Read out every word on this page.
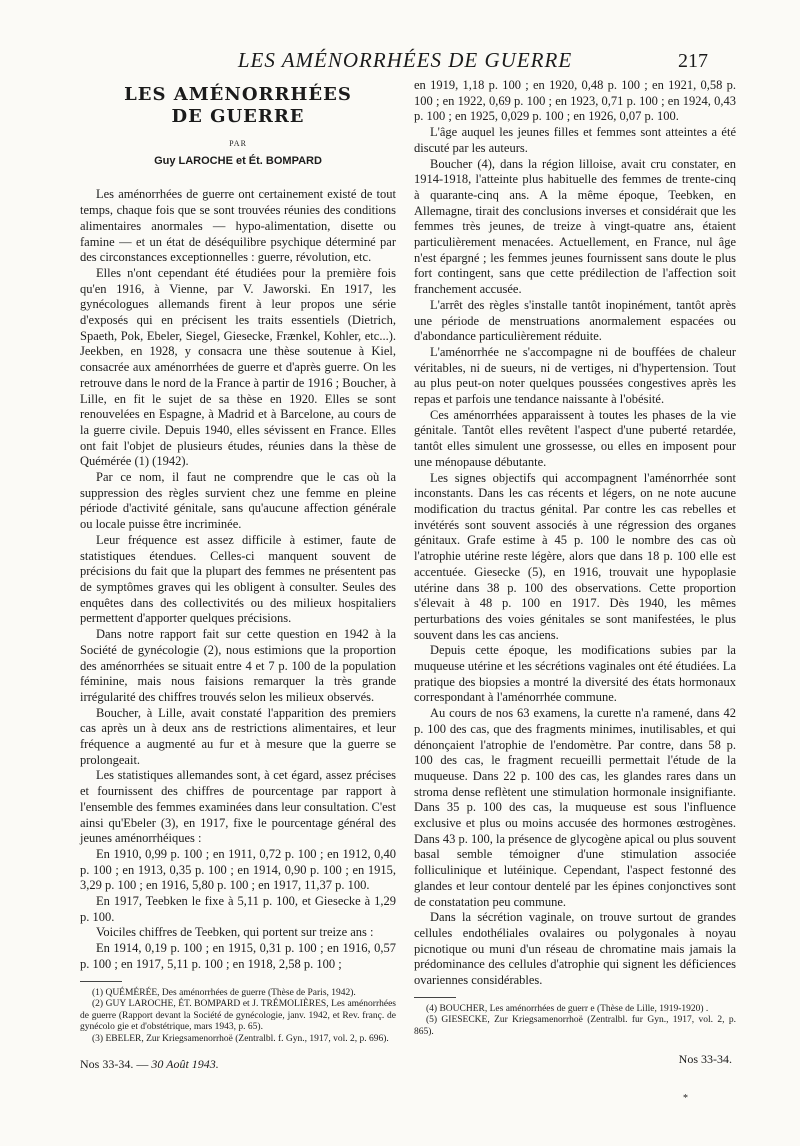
LES AMÉNORRHÉES DE GUERRE	217
LES AMÉNORRHÉES
DE GUERRE
PAR
Guy LAROCHE et Ét. BOMPARD

Les aménorrhées de guerre ont certainement existé de tout temps, chaque fois que se sont trouvées réunies des conditions alimentaires anormales — hypo-alimentation, disette ou famine — et un état de déséquilibre psychique déterminé par des circonstances exceptionnelles : guerre, révolution, etc.

Elles n'ont cependant été étudiées pour la première fois qu'en 1916, à Vienne, par V. Jaworski. En 1917, les gynécologues allemands firent à leur propos une série d'exposés qui en précisent les traits essentiels (Dietrich, Spaeth, Pok, Ebeler, Siegel, Giesecke, Frænkel, Kohler, etc...). Jeekben, en 1928, y consacra une thèse soutenue à Kiel, consacrée aux aménorrhées de guerre et d'après guerre. On les retrouve dans le nord de la France à partir de 1916 ; Boucher, à Lille, en fit le sujet de sa thèse en 1920. Elles se sont renouvelées en Espagne, à Madrid et à Barcelone, au cours de la guerre civile. Depuis 1940, elles sévissent en France. Elles ont fait l'objet de plusieurs études, réunies dans la thèse de Quéméréе (1) (1942).

Par ce nom, il faut ne comprendre que le cas où la suppression des règles survient chez une femme en pleine période d'activité génitale, sans qu'aucune affection générale ou locale puisse être incriminée.

Leur fréquence est assez difficile à estimer, faute de statistiques étendues. Celles-ci manquent souvent de précisions du fait que la plupart des femmes ne présentent pas de symptômes graves qui les obligent à consulter. Seules des enquêtes dans des collectivités ou des milieux hospitaliers permettent d'apporter quelques précisions.

Dans notre rapport fait sur cette question en 1942 à la Société de gynécologie (2), nous estimions que la proportion des aménorrhées se situait entre 4 et 7 p. 100 de la population féminine, mais nous faisions remarquer la très grande irrégularité des chiffres trouvés selon les milieux observés.

Boucher, à Lille, avait constaté l'apparition des premiers cas après un à deux ans de restrictions alimentaires, et leur fréquence a augmenté au fur et à mesure que la guerre se prolongeait.

Les statistiques allemandes sont, à cet égard, assez précises et fournissent des chiffres de pourcentage par rapport à l'ensemble des femmes examinées dans leur consultation. C'est ainsi qu'Ebeler (3), en 1917, fixe le pourcentage général des jeunes aménorrhéiques :

En 1910, 0,99 p. 100 ; en 1911, 0,72 p. 100 ; en 1912, 0,40 p. 100 ; en 1913, 0,35 p. 100 ; en 1914, 0,90 p. 100 ; en 1915, 3,29 p. 100 ; en 1916, 5,80 p. 100 ; en 1917, 11,37 p. 100.

En 1917, Teebken le fixe à 5,11 p. 100, et Giesecke à 1,29 p. 100.

Voiciles chiffres de Teebken, qui portent sur treize ans :

En 1914, 0,19 p. 100 ; en 1915, 0,31 p. 100 ; en 1916, 0,57 p. 100 ; en 1917, 5,11 p. 100 ; en 1918, 2,58 p. 100 ;

(1) QUÉMÉRÉE, Des aménorrhées de guerre (Thèse de Paris, 1942).
(2) GUY LAROCHE, ÉT. BOMPARD et J. TRÉMOLIÈRES, Les aménorrhées de guerre (Rapport devant la Société de gynécologie, janv. 1942, et Rev. franç. de gynécolo gie et d'obstétrique, mars 1943, p. 65).
(3) EBELER, Zur Kriegsamenorrhoë (Zentralbl. f. Gyn., 1917, vol. 2, p. 696).
Nos 33-34. — 30 Août 1943.

en 1919, 1,18 p. 100 ; en 1920, 0,48 p. 100 ; en 1921, 0,58 p. 100 ; en 1922, 0,69 p. 100 ; en 1923, 0,71 p. 100 ; en 1924, 0,43 p. 100 ; en 1925, 0,029 p. 100 ; en 1926, 0,07 p. 100.

L'âge auquel les jeunes filles et femmes sont atteintes a été discuté par les auteurs.

Boucher (4), dans la région lilloise, avait cru constater, en 1914-1918, l'atteinte plus habituelle des femmes de trente-cinq à quarante-cinq ans. A la même époque, Teebken, en Allemagne, tirait des conclusions inverses et considérait que les femmes très jeunes, de treize à vingt-quatre ans, étaient particulièrement menacées. Actuellement, en France, nul âge n'est épargné ; les femmes jeunes fournissent sans doute le plus fort contingent, sans que cette prédilection de l'affection soit franchement accusée.

L'arrêt des règles s'installe tantôt inopinément, tantôt après une période de menstruations anormalement espacées ou d'abondance particulièrement réduite.

L'aménorrhée ne s'accompagne ni de bouffées de chaleur véritables, ni de sueurs, ni de vertiges, ni d'hypertension. Tout au plus peut-on noter quelques poussées congestives après les repas et parfois une tendance naissante à l'obésité.

Ces aménorrhées apparaissent à toutes les phases de la vie génitale. Tantôt elles revêtent l'aspect d'une puberté retardée, tantôt elles simulent une grossesse, ou elles en imposent pour une ménopause débutante.

Les signes objectifs qui accompagnent l'aménorrhée sont inconstants. Dans les cas récents et légers, on ne note aucune modification du tractus génital. Par contre les cas rebelles et invétérés sont souvent associés à une régression des organes génitaux. Grafe estime à 45 p. 100 le nombre des cas où l'atrophie utérine reste légère, alors que dans 18 p. 100 elle est accentuée. Giesecke (5), en 1916, trouvait une hypoplasie utérine dans 38 p. 100 des observations. Cette proportion s'élevait à 48 p. 100 en 1917. Dès 1940, les mêmes perturbations des voies génitales se sont manifestées, le plus souvent dans les cas anciens.

Depuis cette époque, les modifications subies par la muqueuse utérine et les sécrétions vaginales ont été étudiées. La pratique des biopsies a montré la diversité des états hormonaux correspondant à l'aménorrhée commune.

Au cours de nos 63 examens, la curette n'a ramené, dans 42 p. 100 des cas, que des fragments minimes, inutilisables, et qui dénonçaient l'atrophie de l'endomètre. Par contre, dans 58 p. 100 des cas, le fragment recueilli permettait l'étude de la muqueuse. Dans 22 p. 100 des cas, les glandes rares dans un stroma dense reflètent une stimulation hormonale insignifiante. Dans 35 p. 100 des cas, la muqueuse est sous l'influence exclusive et plus ou moins accusée des hormones œstrogènes. Dans 43 p. 100, la présence de glycogène apical ou plus souvent basal semble témoigner d'une stimulation associée folliculinique et lutéinique. Cependant, l'aspect festonné des glandes et leur contour dentelé par les épines conjonctives sont de constatation peu commune.

Dans la sécrétion vaginale, on trouve surtout de grandes cellules endothéliales ovalaires ou polygonales à noyau picnotique ou muni d'un réseau de chromatine mais jamais la prédominance des cellules d'atrophie qui signent les déficiences ovariennes considérables.

(4) BOUCHER, Les aménorrhées de guerr e (Thèse de Lille, 1919-1920) .
(5) GIESECKE, Zur Kriegsamenorrhoë (Zentralbl. fur Gyn., 1917, vol. 2, p. 865).
Nos 33-34.
*
